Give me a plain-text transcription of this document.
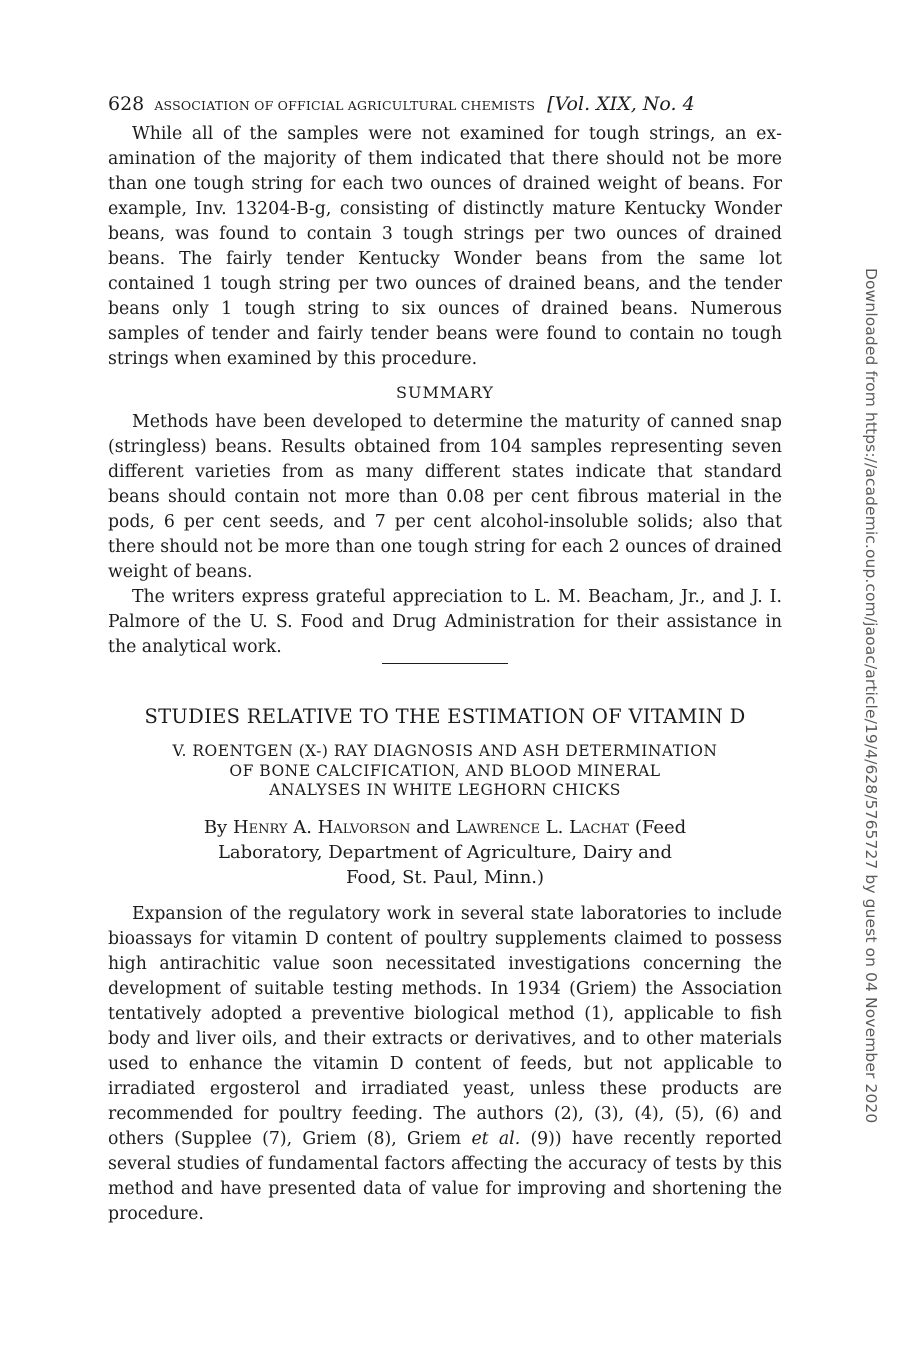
628 ASSOCIATION OF OFFICIAL AGRICULTURAL CHEMISTS [Vol. XIX, No. 4

While all of the samples were not examined for tough strings, an examination of the majority of them indicated that there should not be more than one tough string for each two ounces of drained weight of beans. For example, Inv. 13204-B-g, consisting of distinctly mature Kentucky Wonder beans, was found to contain 3 tough strings per two ounces of drained beans. The fairly tender Kentucky Wonder beans from the same lot contained 1 tough string per two ounces of drained beans, and the tender beans only 1 tough string to six ounces of drained beans. Numerous samples of tender and fairly tender beans were found to contain no tough strings when examined by this procedure.

SUMMARY

Methods have been developed to determine the maturity of canned snap (stringless) beans. Results obtained from 104 samples representing seven different varieties from as many different states indicate that standard beans should contain not more than 0.08 per cent fibrous material in the pods, 6 per cent seeds, and 7 per cent alcohol-insoluble solids; also that there should not be more than one tough string for each 2 ounces of drained weight of beans.

The writers express grateful appreciation to L. M. Beacham, Jr., and J. I. Palmore of the U. S. Food and Drug Administration for their assistance in the analytical work.

STUDIES RELATIVE TO THE ESTIMATION OF VITAMIN D
V. ROENTGEN (X-) RAY DIAGNOSIS AND ASH DETERMINATION
OF BONE CALCIFICATION, AND BLOOD MINERAL
ANALYSES IN WHITE LEGHORN CHICKS
By Henry A. Halvorson and Lawrence L. Lachat (Feed
Laboratory, Department of Agriculture, Dairy and
Food, St. Paul, Minn.)

Expansion of the regulatory work in several state laboratories to include bioassays for vitamin D content of poultry supplements claimed to possess high antirachitic value soon necessitated investigations concerning the development of suitable testing methods. In 1934 (Griem) the Association tentatively adopted a preventive biological method (1), applicable to fish body and liver oils, and their extracts or derivatives, and to other materials used to enhance the vitamin D content of feeds, but not applicable to irradiated ergosterol and irradiated yeast, unless these products are recommended for poultry feeding. The authors (2), (3), (4), (5), (6) and others (Supplee (7), Griem (8), Griem et al. (9)) have recently reported several studies of fundamental factors affecting the accuracy of tests by this method and have presented data of value for improving and shortening the procedure.

Downloaded from https://academic.oup.com/jaoac/article/19/4/628/5765727 by guest on 04 November 2020
